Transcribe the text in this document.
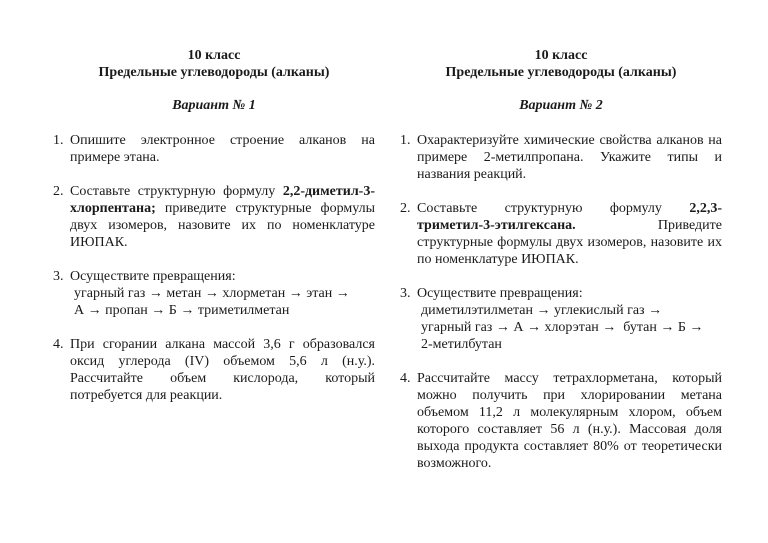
10 класс
Предельные углеводороды (алканы)
Вариант № 1
1. Опишите электронное строение алканов на примере этана.
2. Составьте структурную формулу 2,2-диметил-3-хлорпентана; приведите структурные формулы двух изомеров, назовите их по номенклатуре ИЮПАК.
3. Осуществите превращения:
угарный газ → метан → хлорметан → этан →
А → пропан → Б → триметилметан
4. При сгорании алкана массой 3,6 г образовался оксид углерода (IV) объемом 5,6 л (н.у.). Рассчитайте объем кислорода, который потребуется для реакции.
10 класс
Предельные углеводороды (алканы)
Вариант № 2
1. Охарактеризуйте химические свойства алканов на примере 2-метилпропана. Укажите типы и названия реакций.
2. Составьте структурную формулу 2,2,3-триметил-3-этилгексана. Приведите структурные формулы двух изомеров, назовите их по номенклатуре ИЮПАК.
3. Осуществите превращения:
диметилэтилметан → углекислый газ →
угарный газ → А → хлорэтан →  бутан → Б →
2-метилбутан
4. Рассчитайте массу тетрахлорметана, который можно получить при хлорировании метана объемом 11,2 л молекулярным хлором, объем которого составляет 56 л (н.у.). Массовая доля выхода продукта составляет 80% от теоретически возможного.
